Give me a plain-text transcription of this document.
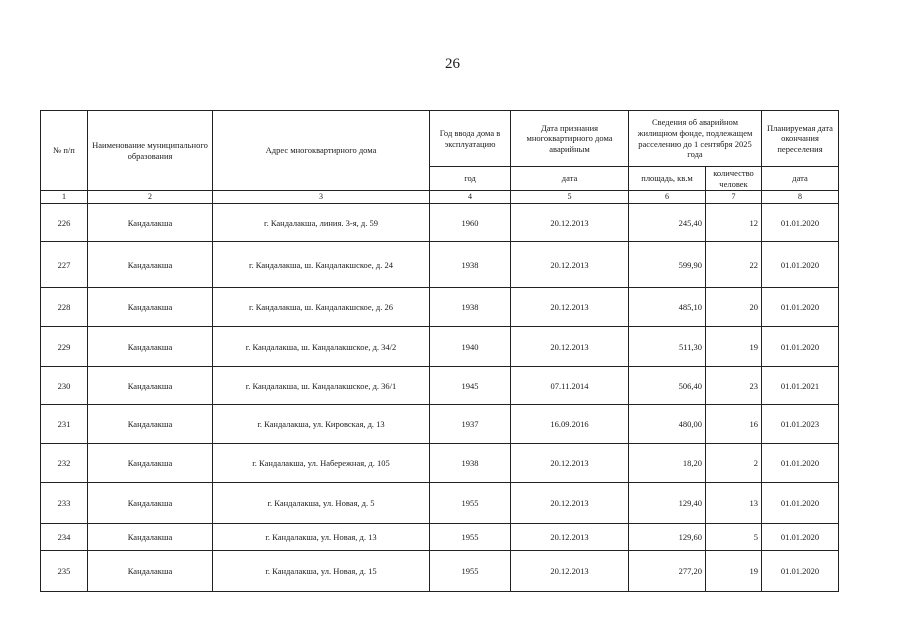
26
№ п/п	Наименование муниципального образования	Адрес многоквартирного дома	Год ввода дома в эксплуатацию	Дата признания многоквартирного дома аварийным	Сведения об аварийном жилищном фонде, подлежащем расселению до 1 сентября 2025 года		Планируемая дата окончания переселения
			год	дата	площадь, кв.м	количество человек	дата
1	2	3	4	5	6	7	8
226	Кандалакша	г. Кандалакша, линия. 3-я, д. 59	1960	20.12.2013	245,40	12	01.01.2020
227	Кандалакша	г. Кандалакша, ш. Кандалакшское, д. 24	1938	20.12.2013	599,90	22	01.01.2020
228	Кандалакша	г. Кандалакша, ш. Кандалакшское, д. 26	1938	20.12.2013	485,10	20	01.01.2020
229	Кандалакша	г. Кандалакша, ш. Кандалакшское, д. 34/2	1940	20.12.2013	511,30	19	01.01.2020
230	Кандалакша	г. Кандалакша, ш. Кандалакшское, д. 36/1	1945	07.11.2014	506,40	23	01.01.2021
231	Кандалакша	г. Кандалакша, ул. Кировская, д. 13	1937	16.09.2016	480,00	16	01.01.2023
232	Кандалакша	г. Кандалакша, ул. Набережная, д. 105	1938	20.12.2013	18,20	2	01.01.2020
233	Кандалакша	г. Кандалакша, ул. Новая, д. 5	1955	20.12.2013	129,40	13	01.01.2020
234	Кандалакша	г. Кандалакша, ул. Новая, д. 13	1955	20.12.2013	129,60	5	01.01.2020
235	Кандалакша	г. Кандалакша, ул. Новая, д. 15	1955	20.12.2013	277,20	19	01.01.2020
